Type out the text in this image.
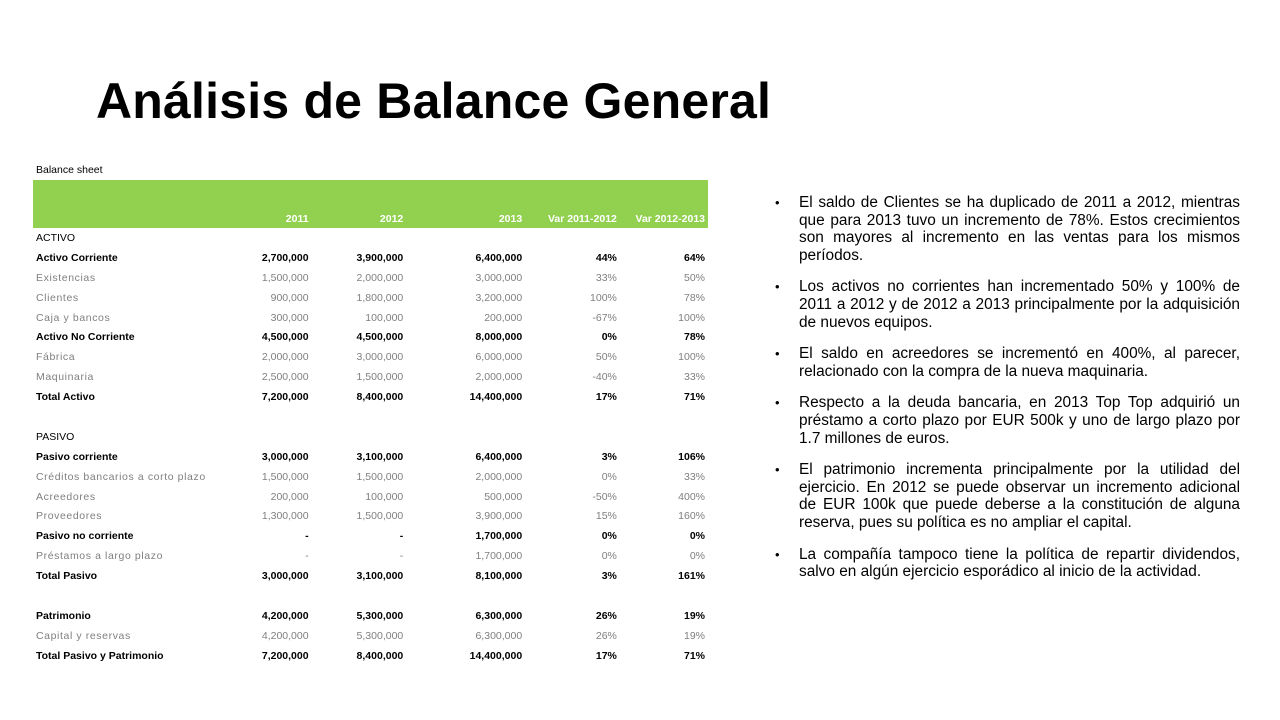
Análisis de Balance General
Balance sheet
	2011	2012	2013	Var 2011-2012	Var 2012-2013
ACTIVO					
Activo Corriente	2,700,000	3,900,000	6,400,000	44%	64%
Existencias	1,500,000	2,000,000	3,000,000	33%	50%
Clientes	900,000	1,800,000	3,200,000	100%	78%
Caja y bancos	300,000	100,000	200,000	-67%	100%
Activo No Corriente	4,500,000	4,500,000	8,000,000	0%	78%
Fábrica	2,000,000	3,000,000	6,000,000	50%	100%
Maquinaria	2,500,000	1,500,000	2,000,000	-40%	33%
Total Activo	7,200,000	8,400,000	14,400,000	17%	71%

PASIVO					
Pasivo corriente	3,000,000	3,100,000	6,400,000	3%	106%
Créditos bancarios a corto plazo	1,500,000	1,500,000	2,000,000	0%	33%
Acreedores	200,000	100,000	500,000	-50%	400%
Proveedores	1,300,000	1,500,000	3,900,000	15%	160%
Pasivo no corriente	-	-	1,700,000	0%	0%
Préstamos a largo plazo	-	-	1,700,000	0%	0%
Total Pasivo	3,000,000	3,100,000	8,100,000	3%	161%

Patrimonio	4,200,000	5,300,000	6,300,000	26%	19%
Capital y reservas	4,200,000	5,300,000	6,300,000	26%	19%
Total Pasivo y Patrimonio	7,200,000	8,400,000	14,400,000	17%	71%
• El saldo de Clientes se ha duplicado de 2011 a 2012, mientras que para 2013 tuvo un incremento de 78%. Estos crecimientos son mayores al incremento en las ventas para los mismos períodos.
• Los activos no corrientes han incrementado 50% y 100% de 2011 a 2012 y de 2012 a 2013 principalmente por la adquisición de nuevos equipos.
• El saldo en acreedores se incrementó en 400%, al parecer, relacionado con la compra de la nueva maquinaria.
• Respecto a la deuda bancaria, en 2013 Top Top adquirió un préstamo a corto plazo por EUR 500k y uno de largo plazo por 1.7 millones de euros.
• El patrimonio incrementa principalmente por la utilidad del ejercicio. En 2012 se puede observar un incremento adicional de EUR 100k que puede deberse a la constitución de alguna reserva, pues su política es no ampliar el capital.
• La compañía tampoco tiene la política de repartir dividendos, salvo en algún ejercicio esporádico al inicio de la actividad.
